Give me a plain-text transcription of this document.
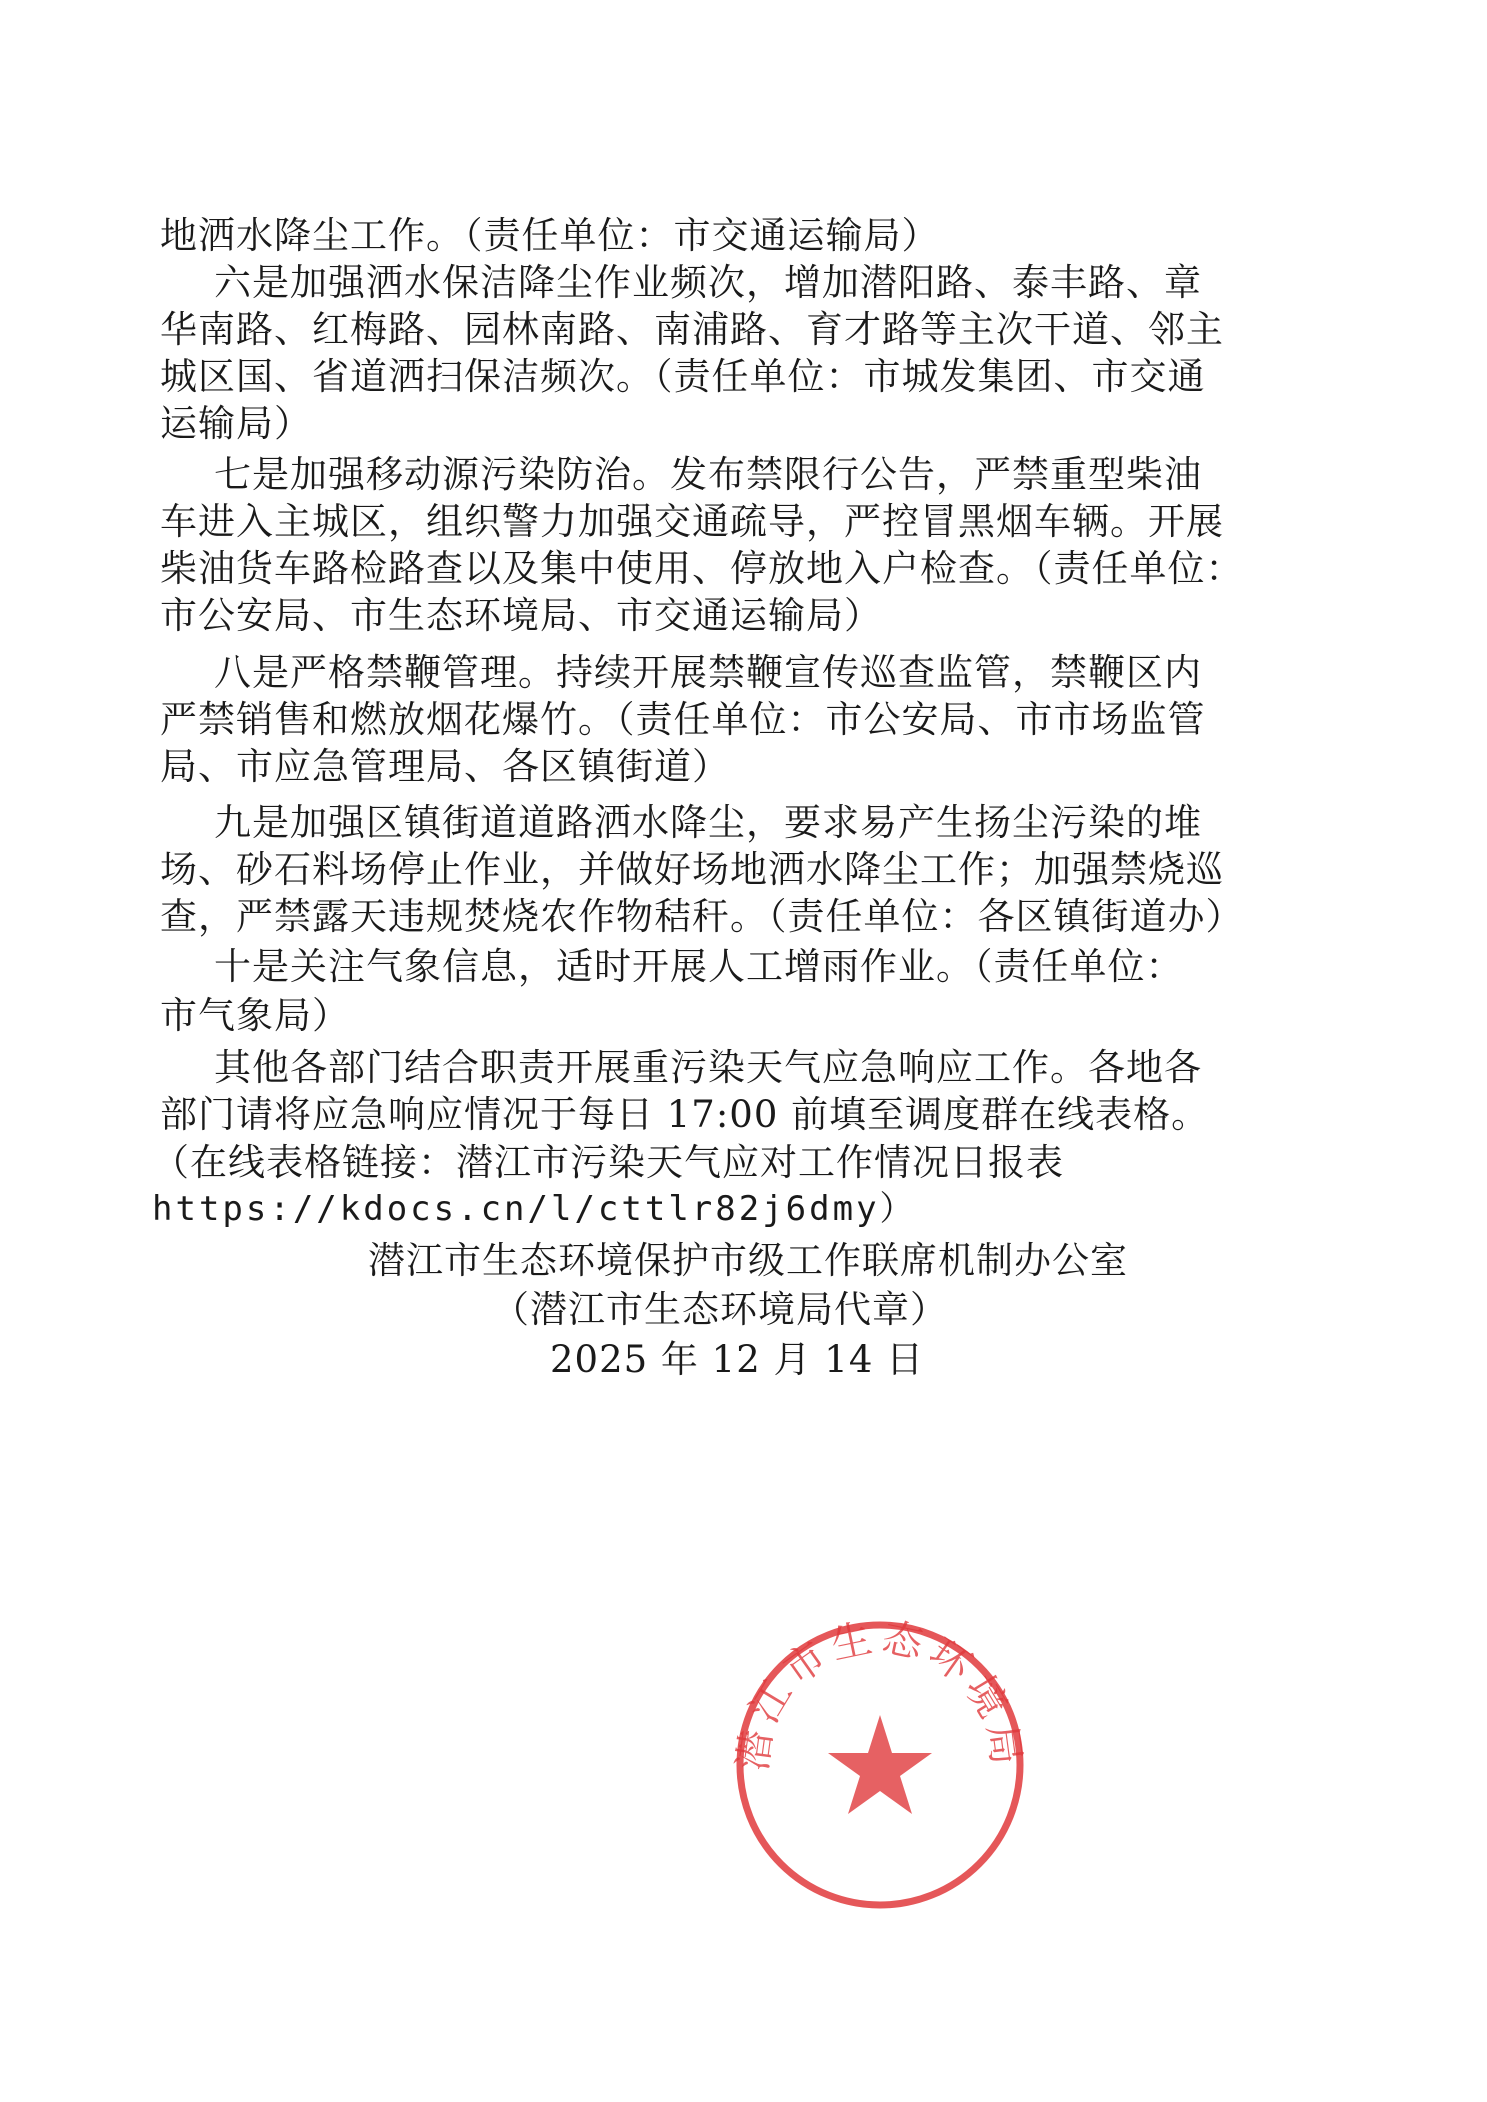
地洒水降尘工作。（责任单位：市交通运输局）
六是加强洒水保洁降尘作业频次，增加潜阳路、泰丰路、章
华南路、红梅路、园林南路、南浦路、育才路等主次干道、邻主
城区国、省道洒扫保洁频次。（责任单位：市城发集团、市交通
运输局）
七是加强移动源污染防治。发布禁限行公告，严禁重型柴油
车进入主城区，组织警力加强交通疏导，严控冒黑烟车辆。开展
柴油货车路检路查以及集中使用、停放地入户检查。（责任单位：
市公安局、市生态环境局、市交通运输局）
八是严格禁鞭管理。持续开展禁鞭宣传巡查监管，禁鞭区内
严禁销售和燃放烟花爆竹。（责任单位：市公安局、市市场监管
局、市应急管理局、各区镇街道）
九是加强区镇街道道路洒水降尘，要求易产生扬尘污染的堆
场、砂石料场停止作业，并做好场地洒水降尘工作；加强禁烧巡
查，严禁露天违规焚烧农作物秸秆。（责任单位：各区镇街道办）
十是关注气象信息，适时开展人工增雨作业。（责任单位：
市气象局）
其他各部门结合职责开展重污染天气应急响应工作。各地各
部门请将应急响应情况于每日 17:00 前填至调度群在线表格。
（在线表格链接：潜江市污染天气应对工作情况日报表
https://kdocs.cn/l/cttlr82j6dmy）
潜江市生态环境局
潜江市生态环境保护市级工作联席机制办公室
（潜江市生态环境局代章）
2025 年 12 月 14 日
